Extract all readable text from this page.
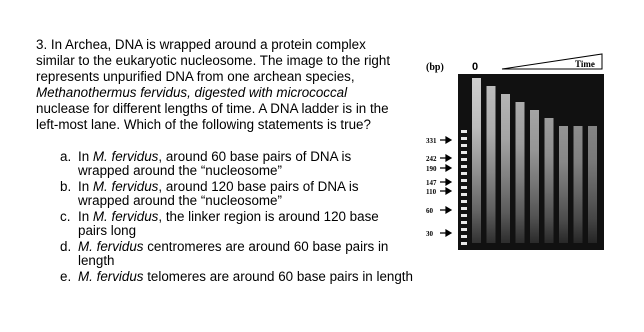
3. In Archea, DNA is wrapped around a protein complex

similar to the eukaryotic nucleosome. The image to the right

represents unpurified DNA from one archean species,

Methanothermus fervidus, digested with micrococcal

nuclease for different lengths of time. A DNA ladder is in the

left-most lane. Which of the following statements is true?

a. In M. fervidus, around 60 base pairs of DNA is
wrapped around the “nucleosome”
b. In M. fervidus, around 120 base pairs of DNA is
wrapped around the “nucleosome”
c. In M. fervidus, the linker region is around 120 base
pairs long
d. M. fervidus centromeres are around 60 base pairs in
length
e. M. fervidus telomeres are around 60 base pairs in length
(bp)	0	Time
331
242
190
147
110
60
30
